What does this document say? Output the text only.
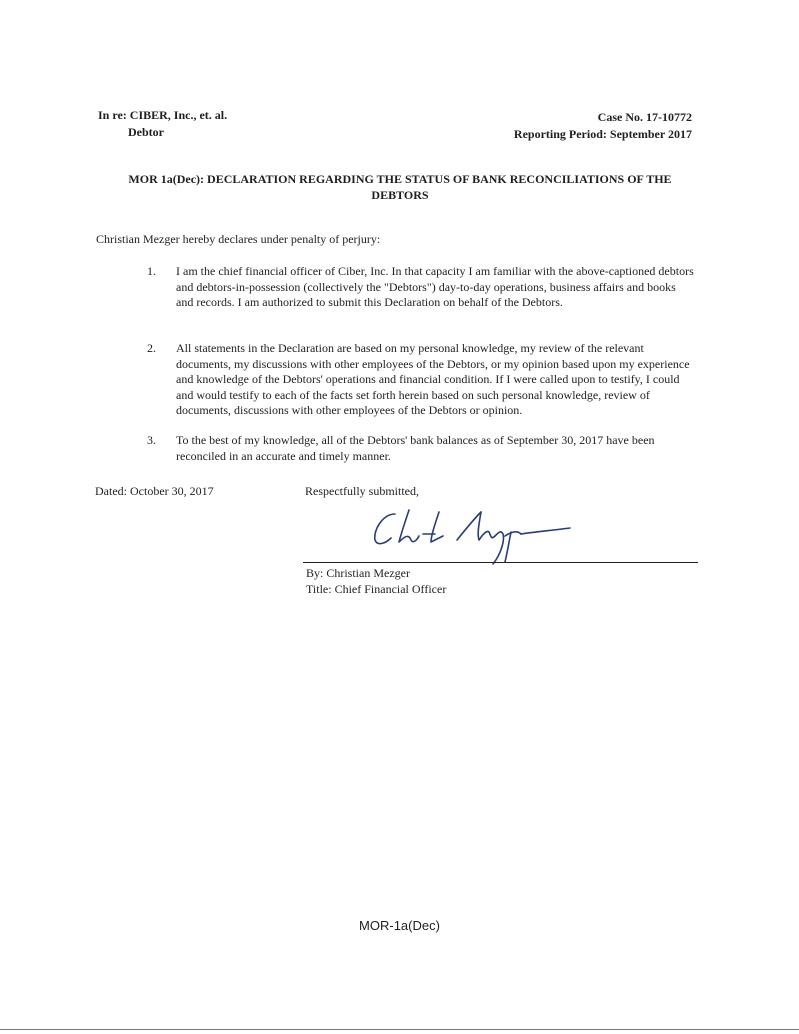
In re: CIBER, Inc., et. al.
Debtor
Case No. 17-10772
Reporting Period: September 2017
MOR 1a(Dec): DECLARATION REGARDING THE STATUS OF BANK RECONCILIATIONS OF THE DEBTORS
Christian Mezger hereby declares under penalty of perjury:
1. I am the chief financial officer of Ciber, Inc. In that capacity I am familiar with the above-captioned debtors and debtors-in-possession (collectively the "Debtors") day-to-day operations, business affairs and books and records. I am authorized to submit this Declaration on behalf of the Debtors.
2. All statements in the Declaration are based on my personal knowledge, my review of the relevant documents, my discussions with other employees of the Debtors, or my opinion based upon my experience and knowledge of the Debtors' operations and financial condition. If I were called upon to testify, I could and would testify to each of the facts set forth herein based on such personal knowledge, review of documents, discussions with other employees of the Debtors or opinion.
3. To the best of my knowledge, all of the Debtors' bank balances as of September 30, 2017 have been reconciled in an accurate and timely manner.
Dated: October 30, 2017	Respectfully submitted,
By: Christian Mezger
Title: Chief Financial Officer
MOR-1a(Dec)
